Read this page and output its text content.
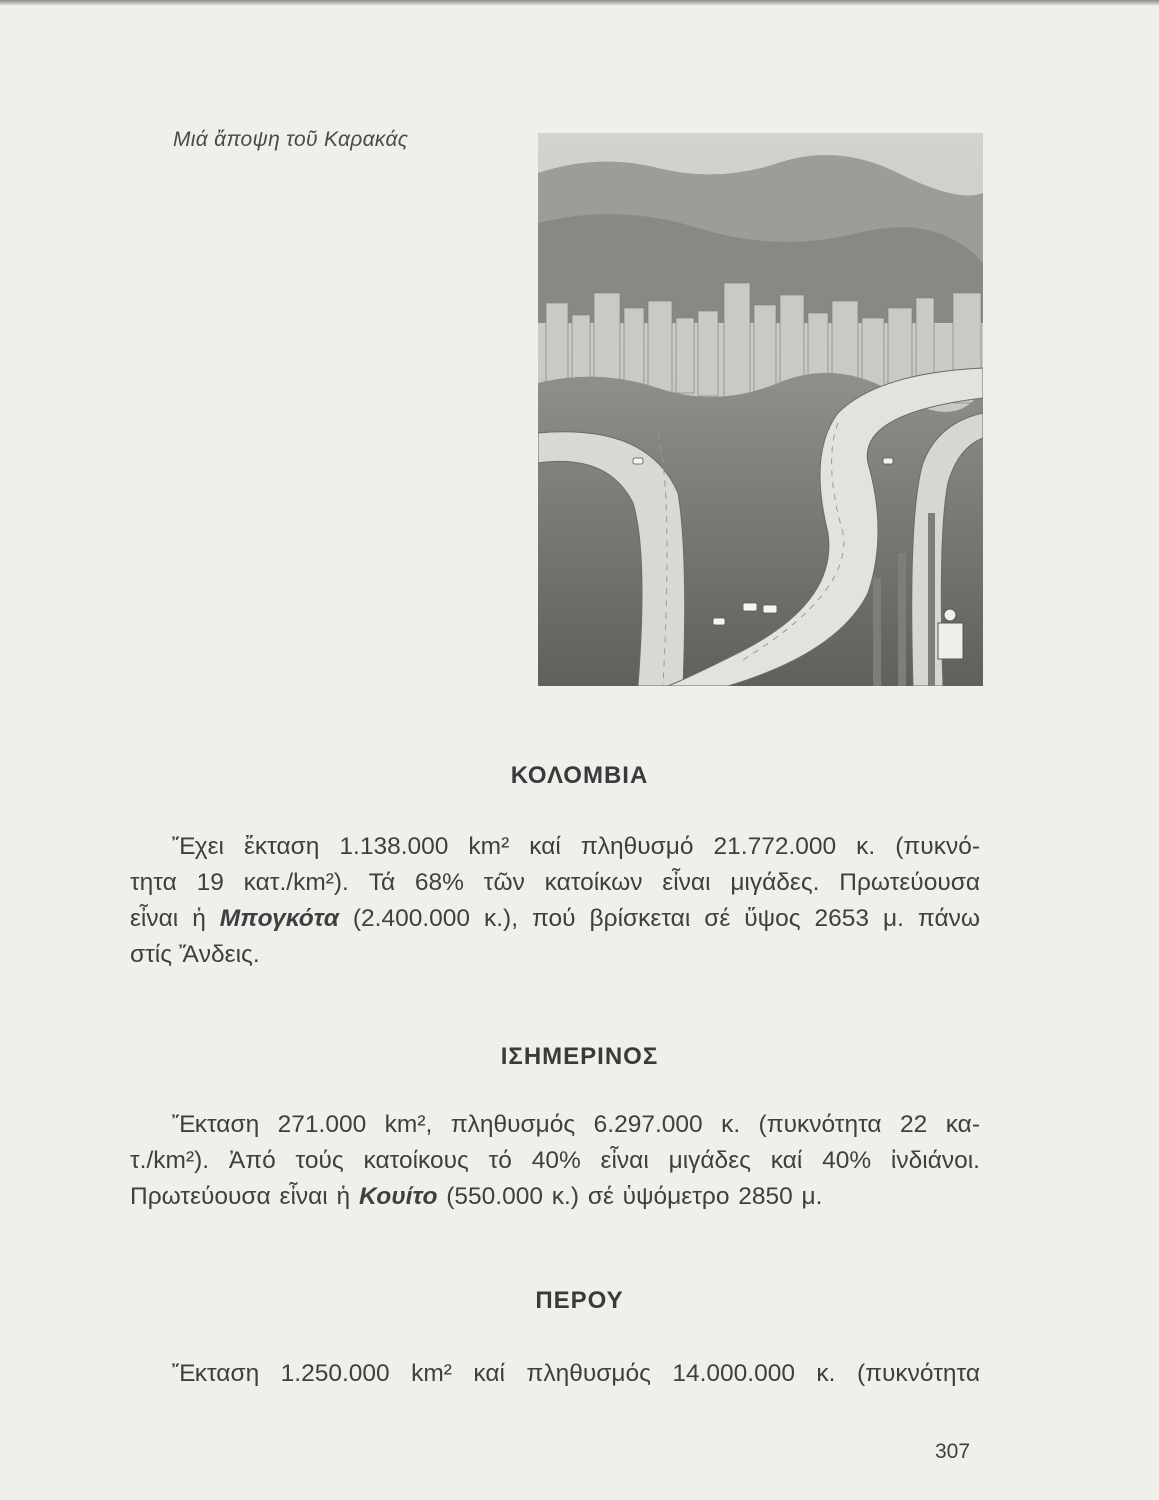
Μιά ἄποψη τοῦ Καρακάς
ΚΟΛΟΜΒΙΑ
Ἔχει ἔκταση 1.138.000 km² καί πληθυσμό 21.772.000 κ. (πυκνό-
τητα 19 κατ./km²). Τά 68% τῶν κατοίκων εἶναι μιγάδες. Πρωτεύουσα
εἶναι ἡ Μπογκότα (2.400.000 κ.), πού βρίσκεται σέ ὕψος 2653 μ. πάνω
στίς Ἄνδεις.
ΙΣΗΜΕΡΙΝΟΣ
Ἔκταση 271.000 km², πληθυσμός 6.297.000 κ. (πυκνότητα 22 κα-
τ./km²). Ἀπό τούς κατοίκους τό 40% εἶναι μιγάδες καί 40% ἰνδιάνοι.
Πρωτεύουσα εἶναι ἡ Κουίτο (550.000 κ.) σέ ὑψόμετρο 2850 μ.
ΠΕΡΟΥ
Ἔκταση 1.250.000 km² καί πληθυσμός 14.000.000 κ. (πυκνότητα
307
